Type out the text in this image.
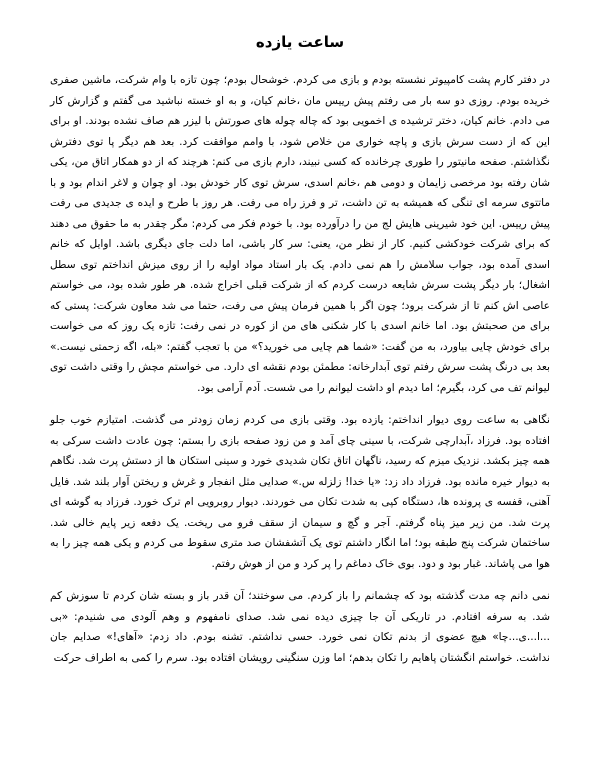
ساعت یازده

در دفتر کارم پشت کامپیوتر نشسته بودم و بازی می کردم. خوشحال بودم؛ چون تازه با وام شرکت، ماشین صفری خریده بودم. روزی دو سه بار می رفتم پیش رییس مان ،خانم کیان، و به او خسته نباشید می گفتم و گزارش کار می دادم. خانم کیان، دختر ترشیده ی اخمویی بود که چاله چوله های صورتش با لیزر هم صاف نشده بودند. او برای این که از دست سرش بازی و پاچه خواری من خلاص شود، با وامم موافقت کرد. بعد هم دیگر پا توی دفترش نگذاشتم. صفحه مانیتور را طوری چرخانده که کسی نبیند، دارم بازی می کنم: هرچند که از دو همکار اتاق من، یکی شان رفته بود مرخصی زایمان و دومی هم ،خانم اسدی، سرش توی کار خودش بود. او چوان و لاغر اندام بود و با ماتتوی سرمه ای تنگی که همیشه به تن داشت، تر و فرز راه می رفت. هر روز با طرح و ایده ی جدیدی می رفت پیش رییس. این خود شیرینی هایش لج من را درآورده بود. با خودم فکر می کردم: مگر چقدر به ما حقوق می دهند که برای شرکت خودکشی کنیم. کار از نظر من، یعنی: سر کار باشی، اما دلت جای دیگری باشد. اوایل که خانم اسدی آمده بود، جواب سلامش را هم نمی دادم. یک بار استاد مواد اولیه را از روی میزش انداختم توی سطل اشغال؛ بار دیگر پشت سرش شایعه درست کردم که از شرکت قبلی اخراج شده. هر طور شده بود، می خواستم عاصی اش کنم تا از شرکت برود؛ چون اگر با همین فرمان پیش می رفت، حتما می شد معاون شرکت: پستی که برای من صحبتش بود. اما خانم اسدی با کار شکنی های من از کوره در نمی رفت: تازه یک روز که می خواست برای خودش چایی بیاورد، به من گفت: «شما هم چایی می خورید؟» من با تعجب گفتم: «بله، اگه زحمتی نیست.» بعد بی درنگ پشت سرش رفتم توی آبدارخانه: مطمئن بودم نقشه ای دارد. می خواستم مچش را وقتی داشت توی لیوانم تف می کرد، بگیرم؛ اما دیدم او داشت لیوانم را می شست. آدم آرامی بود.

نگاهی به ساعت روی دیوار انداختم: یازده بود. وقتی بازی می کردم زمان زودتر می گذشت. امتیازم خوب جلو افتاده بود. فرزاد ،آبدارچی شرکت، با سینی چای آمد و من زود صفحه بازی را بستم: چون عادت داشت سرکی به همه چیز بکشد. نزدیک میزم که رسید، ناگهان اتاق تکان شدیدی خورد و سینی استکان ها از دستش پرت شد. نگاهم به دیوار خیره مانده بود. فرزاد داد زد: «یا خدا! زلزله س.» صدایی مثل انفجار و غرش و ریختن آوار بلند شد. فایل آهنی، قفسه ی پرونده ها، دستگاه کپی به شدت تکان می خوردند. دیوار روبرویی ام ترک خورد. فرزاد به گوشه ای پرت شد. من زیر میز پناه گرفتم. آجر و گچ و سیمان از سقف فرو می ریخت. یک دفعه زیر پایم خالی شد. ساختمان شرکت پنج طبقه بود؛ اما انگار داشتم توی یک آتشفشان صد متری سقوط می کردم و یکی همه چیز را به هوا می پاشاند. غبار بود و دود. بوی خاک دماغم را پر کرد و من از هوش رفتم.

نمی دانم چه مدت گذشته بود که چشمانم را باز کردم. می سوختند؛ آن قدر باز و بسته شان کردم تا سوزش کم شد. به سرفه افتادم. در تاریکی آن جا چیزی دیده نمی شد. صدای نامفهوم و وهم آلودی می شنیدم: «بی ...ا...ی...چا» هیچ عضوی از بدنم تکان نمی خورد. حسی نداشتم. تشنه بودم. داد زدم: «آهای!» صدایم جان نداشت. خواستم انگشتان پاهایم را تکان بدهم؛ اما وزن سنگینی رویشان افتاده بود. سرم را کمی به اطراف حرکت
